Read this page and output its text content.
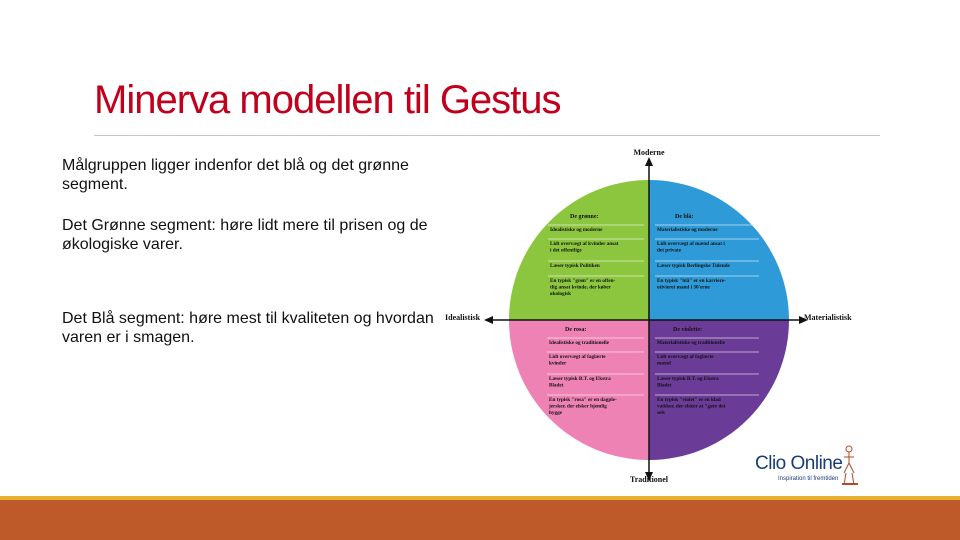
Minerva modellen til Gestus

Målgruppen ligger indenfor det blå og det grønne segment.

Det Grønne segment: høre lidt mere til prisen og de økologiske varer.

Det Blå segment: høre mest til kvaliteten og hvordan varen er i smagen.

Moderne
Traditionel
Idealistisk	Materialistisk
De grønne:	De blå:
De rosa:	De violette:
Idealistiske og moderne
Lidt overvægt af kvinder ansat
i det offentlige
Læser typisk Politiken
En typisk "grøn" er en offen-
tlig ansat kvinde, der køber
økologisk
Materialistiske og moderne
Lidt overvægt af mænd ansat i
det private
Læser typisk Berlingske Tidende
En typisk "blå" er en karriere-
otivieret mand i 30'erne
Idealistiske og traditionelle
Lidt overvægt af faglærte
kvinder
Læser typisk B.T. og Ekstra
Bladet
En typisk "rosa" er en dagple-
jersker, der elsker hjemlig
hygge
Materialistiske og traditionelle
Lidt overvægt af faglærte
mænd
Læser typisk B.T. og Ekstra
Bladet
En typisk "violet" er en klad
vækker, der elsker at "gøre det
selv
Clio Online
Inspiration til fremtiden
